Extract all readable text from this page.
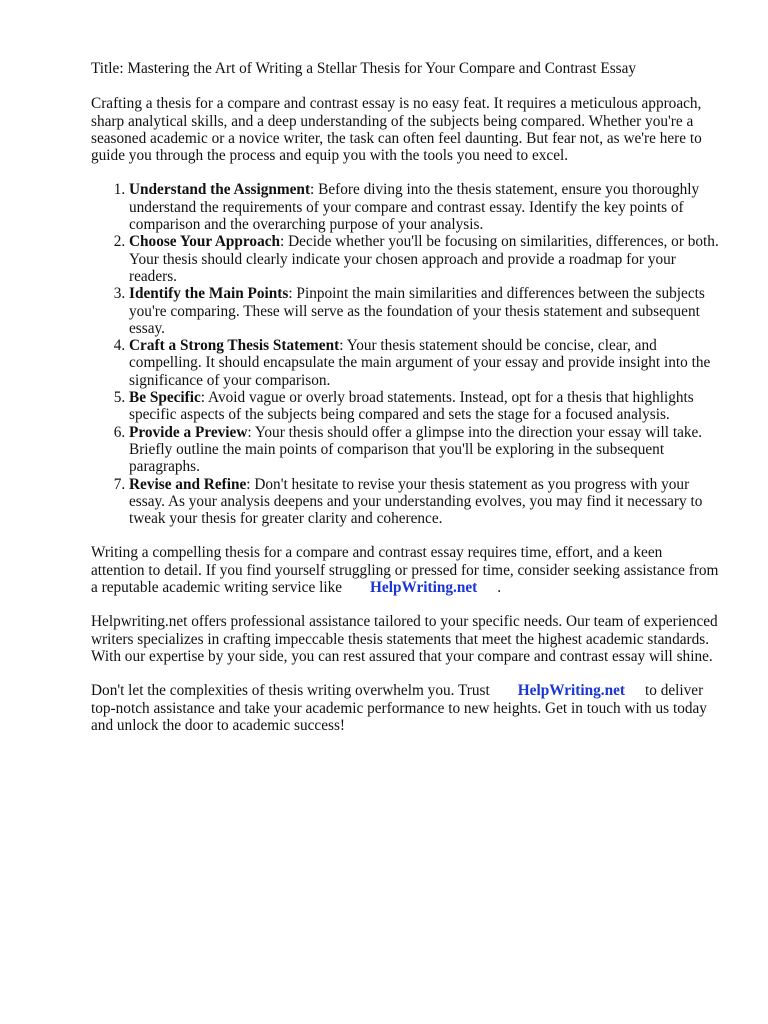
Title: Mastering the Art of Writing a Stellar Thesis for Your Compare and Contrast Essay

Crafting a thesis for a compare and contrast essay is no easy feat. It requires a meticulous approach, sharp analytical skills, and a deep understanding of the subjects being compared. Whether you're a seasoned academic or a novice writer, the task can often feel daunting. But fear not, as we're here to guide you through the process and equip you with the tools you need to excel.

1. Understand the Assignment: Before diving into the thesis statement, ensure you thoroughly understand the requirements of your compare and contrast essay. Identify the key points of comparison and the overarching purpose of your analysis.
2. Choose Your Approach: Decide whether you'll be focusing on similarities, differences, or both. Your thesis should clearly indicate your chosen approach and provide a roadmap for your readers.
3. Identify the Main Points: Pinpoint the main similarities and differences between the subjects you're comparing. These will serve as the foundation of your thesis statement and subsequent essay.
4. Craft a Strong Thesis Statement: Your thesis statement should be concise, clear, and compelling. It should encapsulate the main argument of your essay and provide insight into the significance of your comparison.
5. Be Specific: Avoid vague or overly broad statements. Instead, opt for a thesis that highlights specific aspects of the subjects being compared and sets the stage for a focused analysis.
6. Provide a Preview: Your thesis should offer a glimpse into the direction your essay will take. Briefly outline the main points of comparison that you'll be exploring in the subsequent paragraphs.
7. Revise and Refine: Don't hesitate to revise your thesis statement as you progress with your essay. As your analysis deepens and your understanding evolves, you may find it necessary to tweak your thesis for greater clarity and coherence.

Writing a compelling thesis for a compare and contrast essay requires time, effort, and a keen attention to detail. If you find yourself struggling or pressed for time, consider seeking assistance from a reputable academic writing service like HelpWriting.net .

Helpwriting.net offers professional assistance tailored to your specific needs. Our team of experienced writers specializes in crafting impeccable thesis statements that meet the highest academic standards. With our expertise by your side, you can rest assured that your compare and contrast essay will shine.

Don't let the complexities of thesis writing overwhelm you. Trust HelpWriting.net to deliver top-notch assistance and take your academic performance to new heights. Get in touch with us today and unlock the door to academic success!
